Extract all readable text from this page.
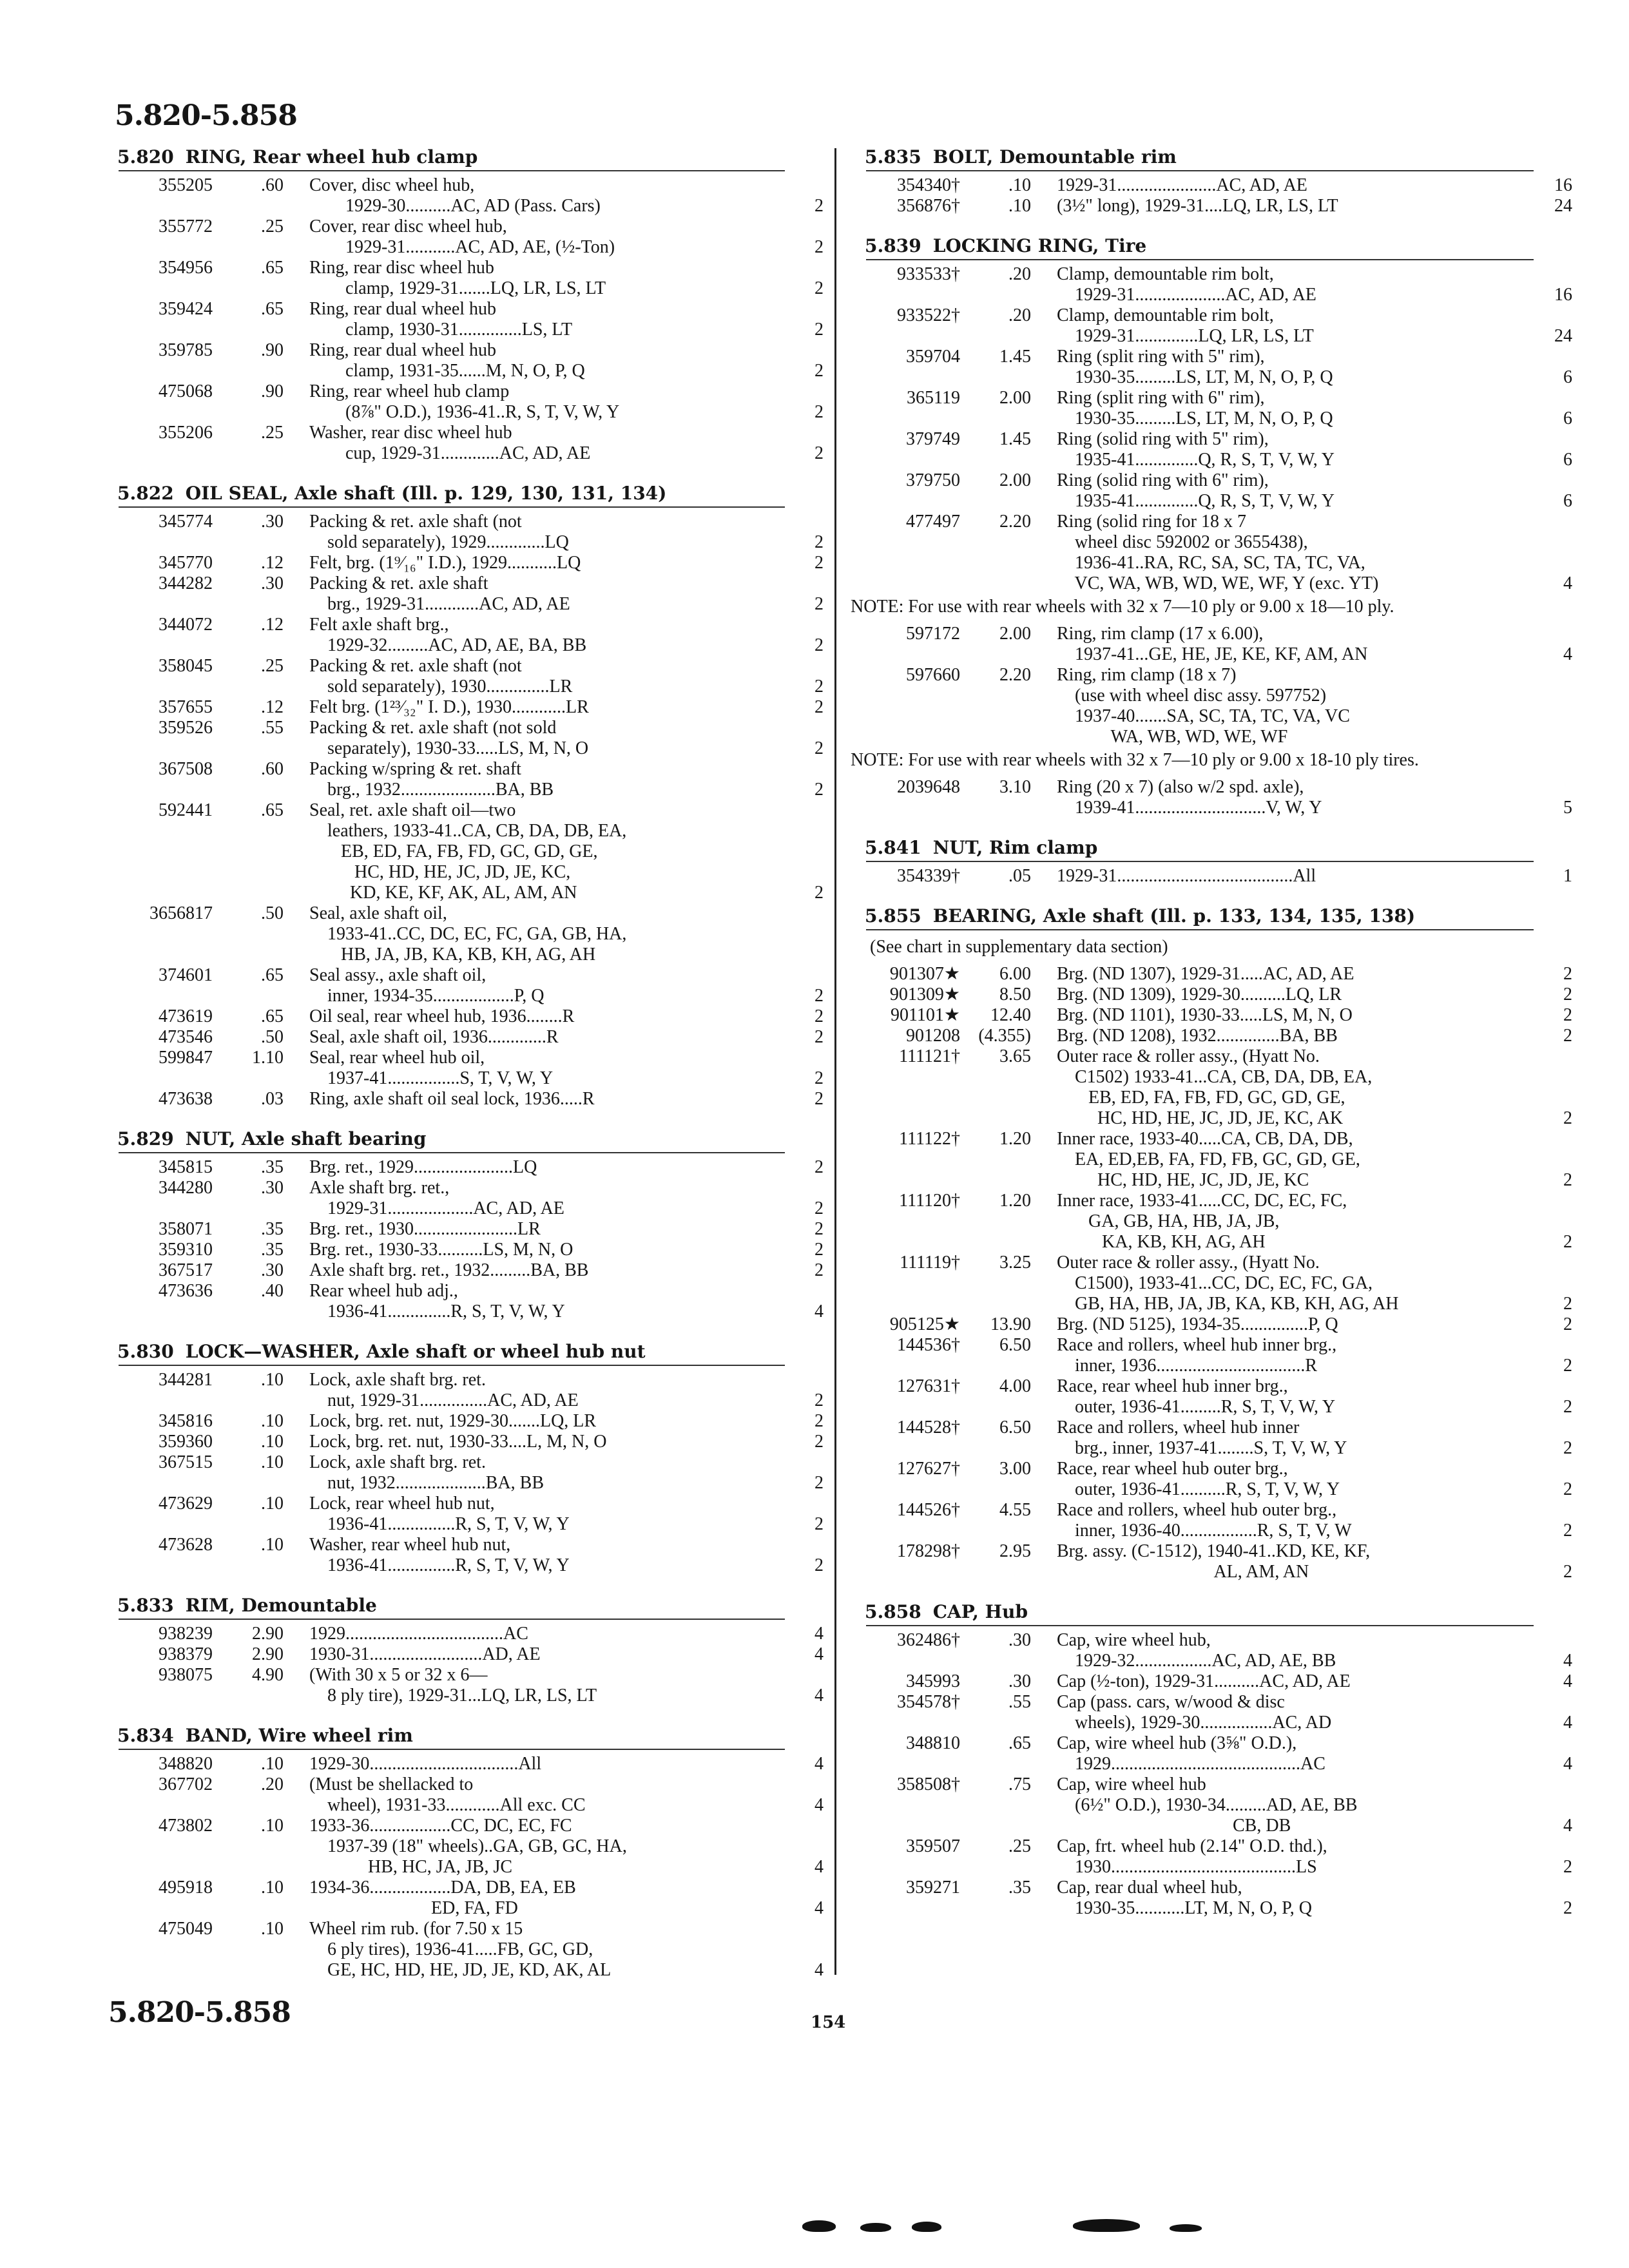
5.820-5.858
5.820 RING, Rear wheel hub clamp
355205	.60 Cover, disc wheel hub,
1929-30..........AC, AD (Pass. Cars)	2
355772	.25 Cover, rear disc wheel hub,
1929-31...........AC, AD, AE, (½-Ton)	2
354956	.65 Ring, rear disc wheel hub
clamp, 1929-31.......LQ, LR, LS, LT	2
359424	.65 Ring, rear dual wheel hub
clamp, 1930-31..............LS, LT	2
359785	.90 Ring, rear dual wheel hub
clamp, 1931-35......M, N, O, P, Q	2
475068	.90 Ring, rear wheel hub clamp
(8⅞" O.D.), 1936-41..R, S, T, V, W, Y	2
355206	.25 Washer, rear disc wheel hub
cup, 1929-31.............AC, AD, AE	2
5.822 OIL SEAL, Axle shaft (Ill. p. 129, 130, 131, 134)
345774	.30 Packing & ret. axle shaft (not
sold separately), 1929.............LQ	2
345770	.12 Felt, brg. (1⁹⁄₁₆" I.D.), 1929...........LQ	2
344282	.30 Packing & ret. axle shaft
brg., 1929-31............AC, AD, AE	2
344072	.12 Felt axle shaft brg.,
1929-32.........AC, AD, AE, BA, BB	2
358045	.25 Packing & ret. axle shaft (not
sold separately), 1930..............LR	2
357655	.12 Felt brg. (1²³⁄₃₂" I. D.), 1930............LR	2
359526	.55 Packing & ret. axle shaft (not sold
separately), 1930-33.....LS, M, N, O	2
367508	.60 Packing w/spring & ret. shaft
brg., 1932.....................BA, BB	2
592441	.65 Seal, ret. axle shaft oil—two
leathers, 1933-41..CA, CB, DA, DB, EA,
EB, ED, FA, FB, FD, GC, GD, GE,
HC, HD, HE, JC, JD, JE, KC,
KD, KE, KF, AK, AL, AM, AN	2
3656817	.50 Seal, axle shaft oil,
1933-41..CC, DC, EC, FC, GA, GB, HA,
HB, JA, JB, KA, KB, KH, AG, AH
374601	.65 Seal assy., axle shaft oil,
inner, 1934-35..................P, Q	2
473619	.65 Oil seal, rear wheel hub, 1936........R	2
473546	.50 Seal, axle shaft oil, 1936.............R	2
599847	1.10 Seal, rear wheel hub oil,
1937-41................S, T, V, W, Y	2
473638	.03 Ring, axle shaft oil seal lock, 1936.....R	2
5.829 NUT, Axle shaft bearing
345815	.35 Brg. ret., 1929......................LQ	2
344280	.30 Axle shaft brg. ret.,
1929-31...................AC, AD, AE	2
358071	.35 Brg. ret., 1930.......................LR	2
359310	.35 Brg. ret., 1930-33..........LS, M, N, O	2
367517	.30 Axle shaft brg. ret., 1932.........BA, BB	2
473636	.40 Rear wheel hub adj.,
1936-41..............R, S, T, V, W, Y	4
5.830 LOCK—WASHER, Axle shaft or wheel hub nut
344281	.10 Lock, axle shaft brg. ret.
nut, 1929-31...............AC, AD, AE	2
345816	.10 Lock, brg. ret. nut, 1929-30.......LQ, LR	2
359360	.10 Lock, brg. ret. nut, 1930-33....L, M, N, O	2
367515	.10 Lock, axle shaft brg. ret.
nut, 1932....................BA, BB	2
473629	.10 Lock, rear wheel hub nut,
1936-41...............R, S, T, V, W, Y	2
473628	.10 Washer, rear wheel hub nut,
1936-41...............R, S, T, V, W, Y	2
5.833 RIM, Demountable
938239	2.90 1929...................................AC	4
938379	2.90 1930-31.........................AD, AE	4
938075	4.90 (With 30 x 5 or 32 x 6—
8 ply tire), 1929-31...LQ, LR, LS, LT	4
5.834 BAND, Wire wheel rim
348820	.10 1929-30.................................All	4
367702	.20 (Must be shellacked to
wheel), 1931-33............All exc. CC	4
473802	.10 1933-36..................CC, DC, EC, FC
1937-39 (18" wheels)..GA, GB, GC, HA,
HB, HC, JA, JB, JC	4
495918	.10 1934-36..................DA, DB, EA, EB
ED, FA, FD	4
475049	.10 Wheel rim rub. (for 7.50 x 15
6 ply tires), 1936-41.....FB, GC, GD,
GE, HC, HD, HE, JD, JE, KD, AK, AL	4
5.835 BOLT, Demountable rim
354340†	.10 1929-31......................AC, AD, AE	16
356876†	.10 (3½" long), 1929-31....LQ, LR, LS, LT	24
5.839 LOCKING RING, Tire
933533†	.20 Clamp, demountable rim bolt,
1929-31....................AC, AD, AE	16
933522†	.20 Clamp, demountable rim bolt,
1929-31..............LQ, LR, LS, LT	24
359704	1.45 Ring (split ring with 5" rim),
1930-35.........LS, LT, M, N, O, P, Q	6
365119	2.00 Ring (split ring with 6" rim),
1930-35.........LS, LT, M, N, O, P, Q	6
379749	1.45 Ring (solid ring with 5" rim),
1935-41..............Q, R, S, T, V, W, Y	6
379750	2.00 Ring (solid ring with 6" rim),
1935-41..............Q, R, S, T, V, W, Y	6
477497	2.20 Ring (solid ring for 18 x 7
wheel disc 592002 or 3655438),
1936-41..RA, RC, SA, SC, TA, TC, VA,
VC, WA, WB, WD, WE, WF, Y (exc. YT)	4
NOTE: For use with rear wheels with 32 x 7—10 ply or 9.00 x 18—10 ply.
597172	2.00 Ring, rim clamp (17 x 6.00),
1937-41...GE, HE, JE, KE, KF, AM, AN	4
597660	2.20 Ring, rim clamp (18 x 7)
(use with wheel disc assy. 597752)
1937-40.......SA, SC, TA, TC, VA, VC
WA, WB, WD, WE, WF
NOTE: For use with rear wheels with 32 x 7—10 ply or 9.00 x 18-10 ply tires.
2039648	3.10 Ring (20 x 7) (also w/2 spd. axle),
1939-41.............................V, W, Y	5
5.841 NUT, Rim clamp
354339†	.05 1929-31.......................................All	1
5.855 BEARING, Axle shaft (Ill. p. 133, 134, 135, 138)
(See chart in supplementary data section)
901307★	6.00 Brg. (ND 1307), 1929-31.....AC, AD, AE	2
901309★	8.50 Brg. (ND 1309), 1929-30..........LQ, LR	2
901101★	12.40 Brg. (ND 1101), 1930-33.....LS, M, N, O	2
901208	(4.355) Brg. (ND 1208), 1932..............BA, BB	2
111121†	3.65 Outer race & roller assy., (Hyatt No.
C1502) 1933-41...CA, CB, DA, DB, EA,
EB, ED, FA, FB, FD, GC, GD, GE,
HC, HD, HE, JC, JD, JE, KC, AK	2
111122†	1.20 Inner race, 1933-40.....CA, CB, DA, DB,
EA, ED,EB, FA, FD, FB, GC, GD, GE,
HC, HD, HE, JC, JD, JE, KC	2
111120†	1.20 Inner race, 1933-41.....CC, DC, EC, FC,
GA, GB, HA, HB, JA, JB,
KA, KB, KH, AG, AH	2
111119†	3.25 Outer race & roller assy., (Hyatt No.
C1500), 1933-41...CC, DC, EC, FC, GA,
GB, HA, HB, JA, JB, KA, KB, KH, AG, AH	2
905125★	13.90 Brg. (ND 5125), 1934-35...............P, Q	2
144536†	6.50 Race and rollers, wheel hub inner brg.,
inner, 1936.................................R	2
127631†	4.00 Race, rear wheel hub inner brg.,
outer, 1936-41.........R, S, T, V, W, Y	2
144528†	6.50 Race and rollers, wheel hub inner
brg., inner, 1937-41........S, T, V, W, Y	2
127627†	3.00 Race, rear wheel hub outer brg.,
outer, 1936-41..........R, S, T, V, W, Y	2
144526†	4.55 Race and rollers, wheel hub outer brg.,
inner, 1936-40.................R, S, T, V, W	2
178298†	2.95 Brg. assy. (C-1512), 1940-41..KD, KE, KF,
AL, AM, AN	2
5.858 CAP, Hub
362486†	.30 Cap, wire wheel hub,
1929-32.................AC, AD, AE, BB	4
345993	.30 Cap (½-ton), 1929-31..........AC, AD, AE	4
354578†	.55 Cap (pass. cars, w/wood & disc
wheels), 1929-30................AC, AD	4
348810	.65 Cap, wire wheel hub (3⅝" O.D.),
1929..........................................AC	4
358508†	.75 Cap, wire wheel hub
(6½" O.D.), 1930-34.........AD, AE, BB
CB, DB	4
359507	.25 Cap, frt. wheel hub (2.14" O.D. thd.),
1930.........................................LS	2
359271	.35 Cap, rear dual wheel hub,
1930-35...........LT, M, N, O, P, Q	2
5.820-5.858	154
